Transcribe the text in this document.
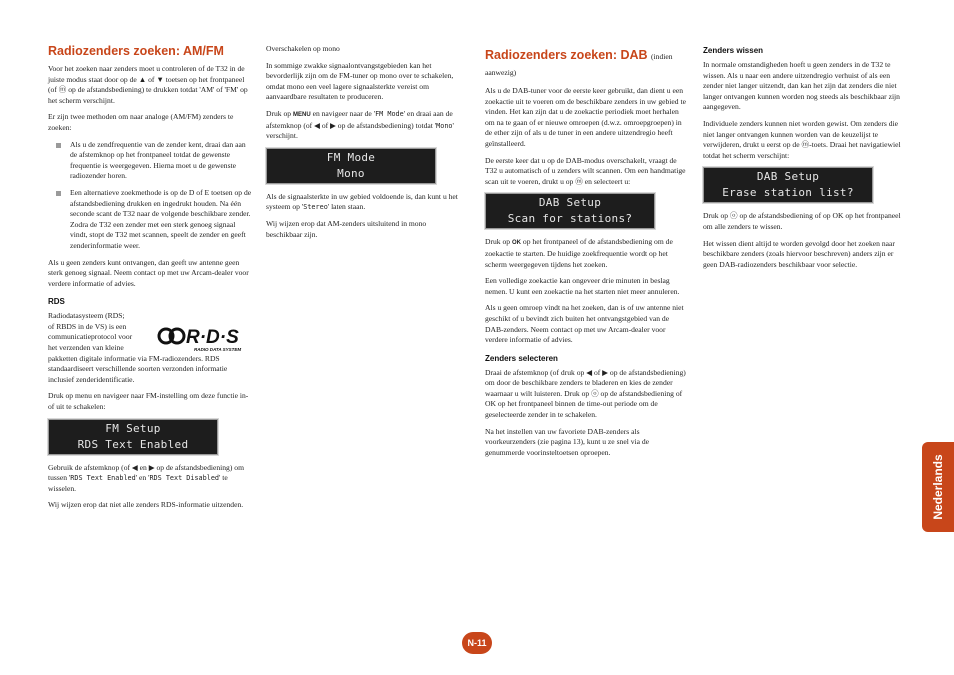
Radiozenders zoeken: AM/FM

Voor het zoeken naar zenders moet u controleren of de T32 in de juiste modus staat door op de ▲ of ▼ toetsen op het frontpaneel (of ⓜ op de afstandsbediening) te drukken totdat 'AM' of 'FM' op het scherm verschijnt.

Er zijn twee methoden om naar analoge (AM/FM) zenders te zoeken:

Als u de zendfrequentie van de zender kent, draai dan aan de afstemknop op het frontpaneel totdat de gewenste frequentie is weergegeven. Hierna moet u de gewenste radiozender horen.

Een alternatieve zoekmethode is op de D of E toetsen op de afstandsbediening drukken en ingedrukt houden. Na één seconde scant de T32 naar de volgende beschikbare zender. Zodra de T32 een zender met een sterk genoeg signaal vindt, stopt de T32 met scannen, speelt de zender en geeft zenderinformatie weer.

Als u geen zenders kunt ontvangen, dan geeft uw antenne geen sterk genoeg signaal. Neem contact op met uw Arcam-dealer voor verdere informatie of advies.

RDS

Radiodatasysteem (RDS;

of RBDS in de VS) is een

communicatieprotocol voor

het verzenden van kleine

pakketten digitale informatie via FM-radiozenders. RDS standaardiseert verschillende soorten verzonden informatie inclusief zenderidentificatie.

Druk op menu en navigeer naar FM-instelling om deze functie in- of uit te schakelen:

FM Setup
RDS Text Enabled

Gebruik de afstemknop (of ◀ en ▶ op de afstandsbediening) om tussen 'RDS Text Enabled' en 'RDS Text Disabled' te wisselen.

Wij wijzen erop dat niet alle zenders RDS-informatie uitzenden.

R·D·S
RADIO DATA SYSTEM

Overschakelen op mono

In sommige zwakke signaalontvangstgebieden kan het bevorderlijk zijn om de FM-tuner op mono over te schakelen, omdat mono een veel lagere signaalsterkte vereist om aanvaardbare resultaten te produceren.

Druk op MENU en navigeer naar de 'FM Mode' en draai aan de afstemknop (of ◀ of ▶ op de afstandsbediening) totdat 'Mono' verschijnt.

FM Mode
Mono

Als de signaalsterkte in uw gebied voldoende is, dan kunt u het systeem op 'Stereo' laten staan.

Wij wijzen erop dat AM-zenders uitsluitend in mono beschikbaar zijn.

Radiozenders zoeken: DAB (indien aanwezig)

Als u de DAB-tuner voor de eerste keer gebruikt, dan dient u een zoekactie uit te voeren om de beschikbare zenders in uw gebied te vinden. Het kan zijn dat u de zoekactie periodiek moet herhalen om na te gaan of er nieuwe omroepen (d.w.z. omroepgroepen) in de ether zijn of als u de tuner in een andere uitzendregio heeft geïnstalleerd.

De eerste keer dat u op de DAB-modus overschakelt, vraagt de T32 u automatisch of u zenders wilt scannen. Om een handmatige scan uit te voeren, drukt u op ⓜ en selecteert u:

DAB Setup
Scan for stations?

Druk op OK op het frontpaneel of de afstandsbediening om de zoekactie te starten. De huidige zoekfrequentie wordt op het scherm weergegeven tijdens het zoeken.

Een volledige zoekactie kan ongeveer drie minuten in beslag nemen. U kunt een zoekactie na het starten niet meer annuleren.

Als u geen omroep vindt na het zoeken, dan is of uw antenne niet geschikt of u bevindt zich buiten het ontvangstgebied van de DAB-zenders. Neem contact op met uw Arcam-dealer voor verdere informatie of advies.

Zenders selecteren

Draai de afstemknop (of druk op ◀ of ▶ op de afstandsbediening) om door de beschikbare zenders te bladeren en kies de zender waarnaar u wilt luisteren. Druk op ⓞ op de afstandsbediening of OK op het frontpaneel binnen de time-out periode om de geselecteerde zender in te schakelen.

Na het instellen van uw favoriete DAB-zenders als voorkeurzenders (zie pagina 13), kunt u ze snel via de genummerde voorinsteltoetsen oproepen.

Zenders wissen

In normale omstandigheden hoeft u geen zenders in de T32 te wissen. Als u naar een andere uitzendregio verhuist of als een zender niet langer uitzendt, dan kan het zijn dat zenders die niet langer ontvangen kunnen worden nog steeds als beschikbaar zijn aangegeven.

Individuele zenders kunnen niet worden gewist. Om zenders die niet langer ontvangen kunnen worden van de keuzelijst te verwijderen, drukt u eerst op de ⓜ-toets. Draai het navigatiewiel totdat het scherm verschijnt:

DAB Setup
Erase station list?

Druk op ⓞ op de afstandsbediening of op OK op het frontpaneel om alle zenders te wissen.

Het wissen dient altijd te worden gevolgd door het zoeken naar beschikbare zenders (zoals hiervoor beschreven) anders zijn er geen DAB-radiozenders beschikbaar voor selectie.

Nederlands
N-11
